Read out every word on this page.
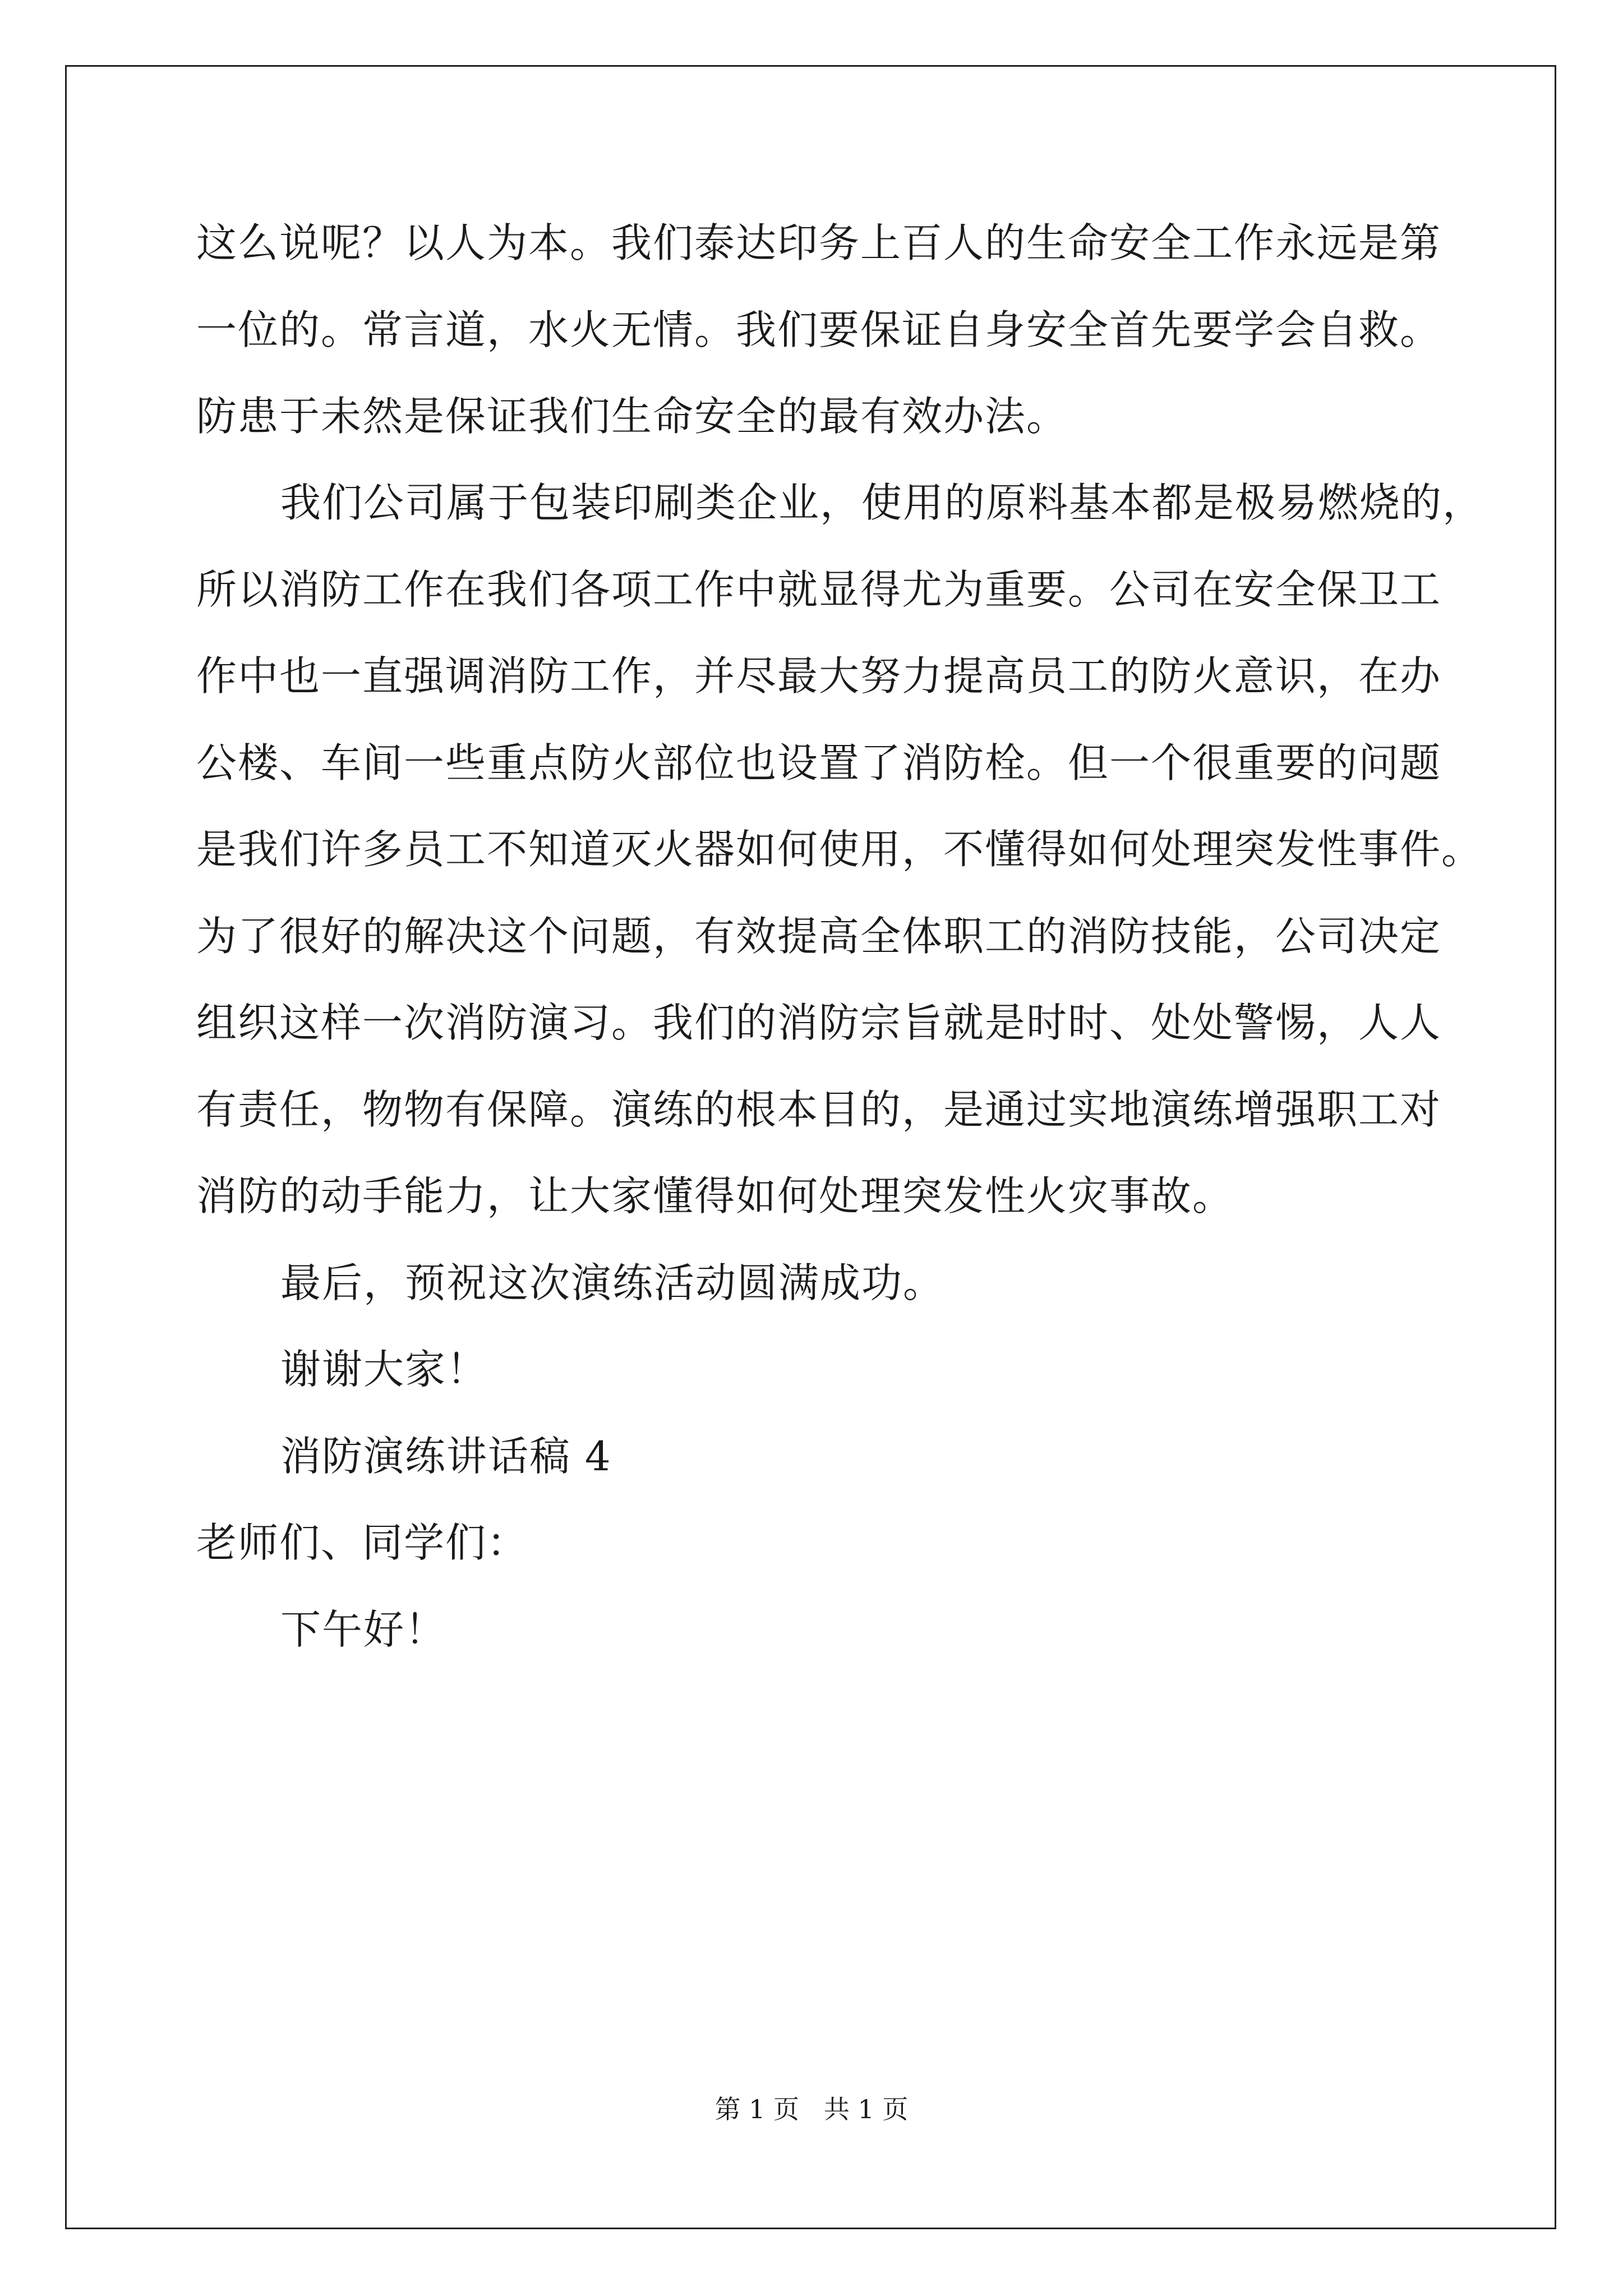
这么说呢？以人为本。我们泰达印务上百人的生命安全工作永远是第
一位的。常言道，水火无情。我们要保证自身安全首先要学会自救。
防患于未然是保证我们生命安全的最有效办法。
我们公司属于包装印刷类企业，使用的原料基本都是极易燃烧的，
所以消防工作在我们各项工作中就显得尤为重要。公司在安全保卫工
作中也一直强调消防工作，并尽最大努力提高员工的防火意识，在办
公楼、车间一些重点防火部位也设置了消防栓。但一个很重要的问题
是我们许多员工不知道灭火器如何使用，不懂得如何处理突发性事件。
为了很好的解决这个问题，有效提高全体职工的消防技能，公司决定
组织这样一次消防演习。我们的消防宗旨就是时时、处处警惕，人人
有责任，物物有保障。演练的根本目的，是通过实地演练增强职工对
消防的动手能力，让大家懂得如何处理突发性火灾事故。
最后，预祝这次演练活动圆满成功。
谢谢大家！
消防演练讲话稿 4
老师们、同学们：
下午好！
第 1 页   共 1 页
